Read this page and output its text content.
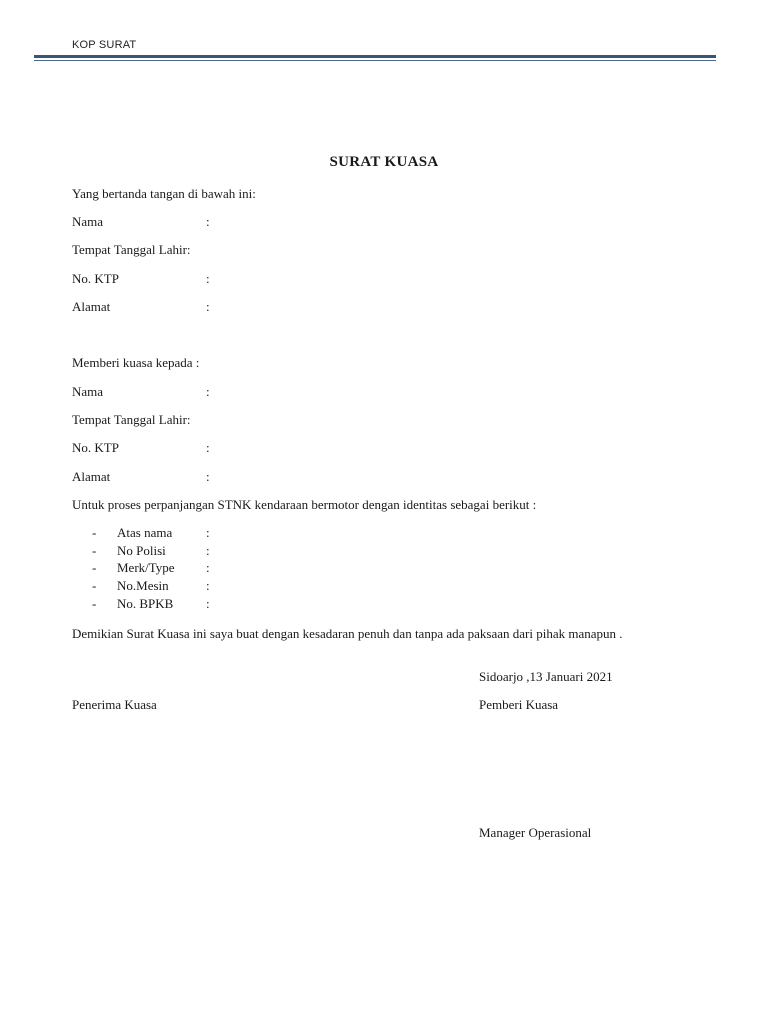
KOP SURAT
SURAT KUASA
Yang bertanda tangan di bawah ini:
Nama	:
Tempat Tanggal Lahir:
No. KTP	:
Alamat	:
Memberi kuasa kepada :
Nama	:
Tempat Tanggal Lahir:
No. KTP	:
Alamat	:
Untuk proses perpanjangan STNK kendaraan bermotor dengan identitas sebagai berikut :
- Atas nama	:
- No Polisi	:
- Merk/Type :
- No.Mesin	:
- No. BPKB	:
Demikian Surat Kuasa ini saya buat dengan kesadaran penuh dan tanpa ada paksaan dari pihak manapun .
Sidoarjo ,13 Januari 2021
Penerima Kuasa	Pemberi Kuasa
Manager Operasional
